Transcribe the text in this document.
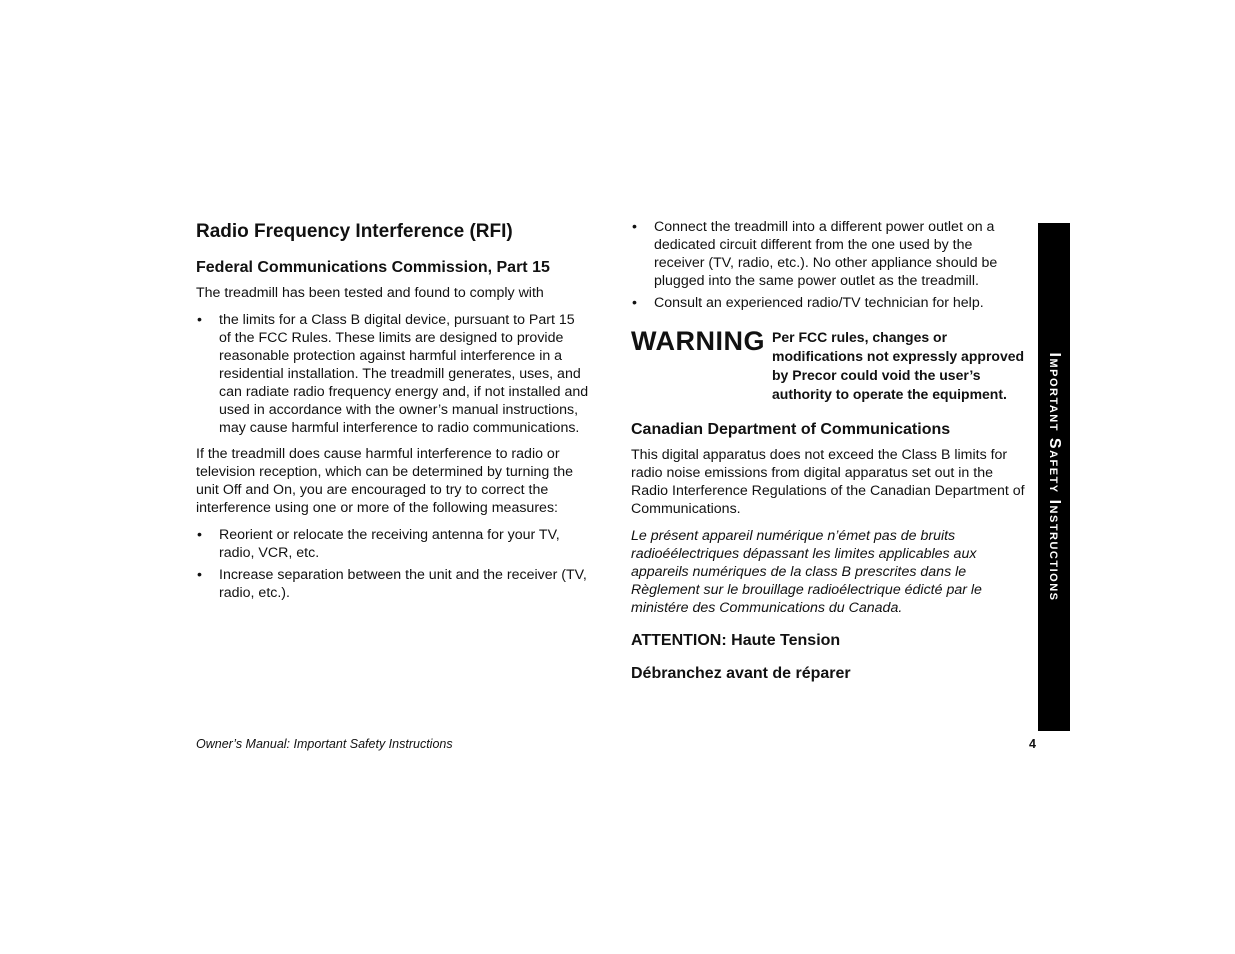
Radio Frequency Interference (RFI)
Federal Communications Commission, Part 15

The treadmill has been tested and found to comply with

• the limits for a Class B digital device, pursuant to Part 15 of the FCC Rules. These limits are designed to provide reasonable protection against harmful interference in a residential installation. The treadmill generates, uses, and can radiate radio frequency energy and, if not installed and used in accordance with the owner’s manual instructions, may cause harmful interference to radio communications.

If the treadmill does cause harmful interference to radio or television reception, which can be determined by turning the unit Off and On, you are encouraged to try to correct the interference using one or more of the following measures:

• Reorient or relocate the receiving antenna for your TV, radio, VCR, etc.
• Increase separation between the unit and the receiver (TV, radio, etc.).
• Connect the treadmill into a different power outlet on a dedicated circuit different from the one used by the receiver (TV, radio, etc.). No other appliance should be plugged into the same power outlet as the treadmill.
• Consult an experienced radio/TV technician for help.
WARNING Per FCC rules, changes or modifications not expressly approved by Precor could void the user’s authority to operate the equipment.
Canadian Department of Communications

This digital apparatus does not exceed the Class B limits for radio noise emissions from digital apparatus set out in the Radio Interference Regulations of the Canadian Department of Communications.

Le présent appareil numérique n’émet pas de bruits radioéélectriques dépassant les limites applicables aux appareils numériques de la class B prescrites dans le Règlement sur le brouillage radioélectrique édicté par le ministére des Communications du Canada.

ATTENTION: Haute Tension
Débranchez avant de réparer
Important Safety Instructions
Owner’s Manual: Important Safety Instructions	4
